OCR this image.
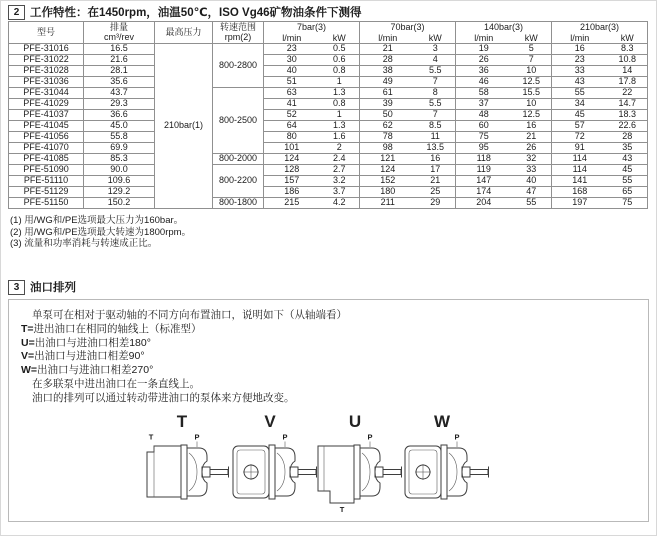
2 工作特性：在1450rpm，油温50℃，ISO Vg46矿物油条件下测得
型号	排量
cm³/rev	最高压力	转速范围
rpm(2)
	7bar(3)	70bar(3)	140bar(3)	210bar(3)
				l/min	kW	l/min	kW	l/min	kW	l/min	kW
PFE-31016	16.5	210bar(1)	800-2800	23	0.5	21	3	19	5	16	8.3
PFE-31022	21.6			30	0.6	28	4	26	7	23	10.8
PFE-31028	28.1			40	0.8	38	5.5	36	10	33	14
PFE-31036	35.6			51	1	49	7	46	12.5	43	17.8
PFE-31044	43.7		800-2500	63	1.3	61	8	58	15.5	55	22
PFE-41029	29.3			41	0.8	39	5.5	37	10	34	14.7
PFE-41037	36.6			52	1	50	7	48	12.5	45	18.3
PFE-41045	45.0			64	1.3	62	8.5	60	16	57	22.6
PFE-41056	55.8			80	1.6	78	11	75	21	72	28
PFE-41070	69.9			101	2	98	13.5	95	26	91	35
PFE-41085	85.3		800-2000	124	2.4	121	16	118	32	114	43
PFE-51090	90.0		800-2200	128	2.7	124	17	119	33	114	45
PFE-51110	109.6			157	3.2	152	21	147	40	141	55
PFE-51129	129.2			186	3.7	180	25	174	47	168	65
PFE-51150	150.2		800-1800	215	4.2	211	29	204	55	197	75
(1) 用/WG和/PE选项最大压力为160bar。
(2) 用/WG和/PE选项最大转速为1800rpm。
(3) 流量和功率消耗与转速成正比。
3 油口排列
单泵可在相对于驱动轴的不同方向布置油口，说明如下（从轴端看）
T=进出油口在相同的轴线上（标准型）
U=出油口与进油口相差180°
V=出油口与进油口相差90°
W=出油口与进油口相差270°
在多联泵中进出油口在一条直线上。
油口的排列可以通过转动带进油口的泵体来方便地改变。
T
P
T
V
P
U
P
T
W
P
